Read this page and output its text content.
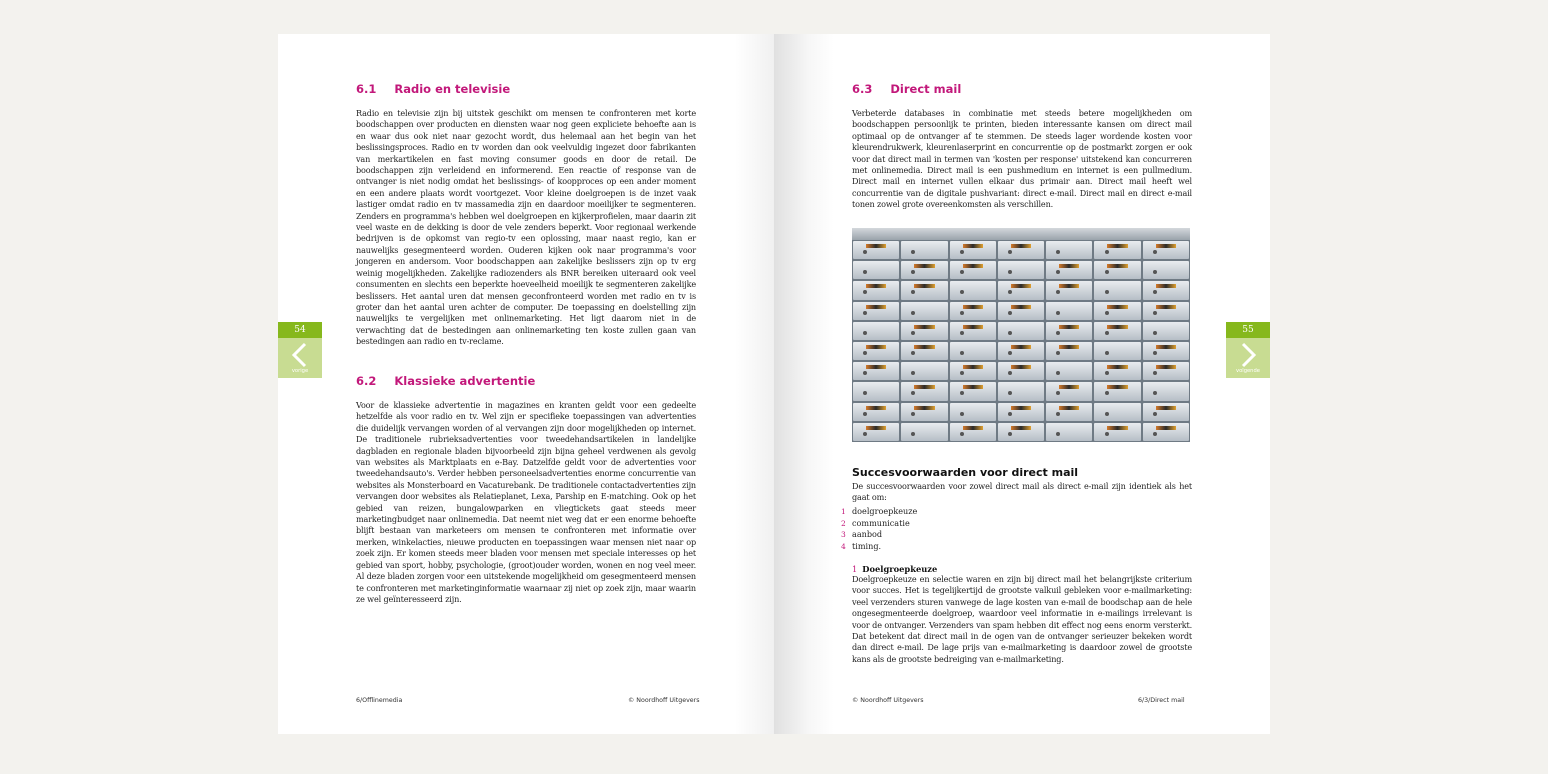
6.1 Radio en televisie

Radio en televisie zijn bij uitstek geschikt om mensen te confronteren met korte boodschappen over producten en diensten waar nog geen expliciete behoefte aan is en waar dus ook niet naar gezocht wordt, dus helemaal aan het begin van het beslissingsproces. Radio en tv worden dan ook veelvuldig ingezet door fabrikanten van merkartikelen en fast moving consumer goods en door de retail. De boodschappen zijn verleidend en informerend. Een reactie of response van de ontvanger is niet nodig omdat het beslissings- of koopproces op een ander moment en een andere plaats wordt voortgezet. Voor kleine doelgroepen is de inzet vaak lastiger omdat radio en tv massamedia zijn en daardoor moeilijker te segmenteren. Zenders en programma's hebben wel doelgroepen en kijkerprofielen, maar daarin zit veel waste en de dekking is door de vele zenders beperkt. Voor regionaal werkende bedrijven is de opkomst van regio-tv een oplossing, maar naast regio, kan er nauwelijks gesegmenteerd worden. Ouderen kijken ook naar programma's voor jongeren en andersom. Voor boodschappen aan zakelijke beslissers zijn op tv erg weinig mogelijkheden. Zakelijke radiozenders als BNR bereiken uiteraard ook veel consumenten en slechts een beperkte hoeveelheid moeilijk te segmenteren zakelijke beslissers. Het aantal uren dat mensen geconfronteerd worden met radio en tv is groter dan het aantal uren achter de computer. De toepassing en doelstelling zijn nauwelijks te vergelijken met onlinemarketing. Het ligt daarom niet in de verwachting dat de bestedingen aan onlinemarketing ten koste zullen gaan van bestedingen aan radio en tv-reclame.

6.2 Klassieke advertentie

Voor de klassieke advertentie in magazines en kranten geldt voor een gedeelte hetzelfde als voor radio en tv. Wel zijn er specifieke toepassingen van advertenties die duidelijk vervangen worden of al vervangen zijn door mogelijkheden op internet. De traditionele rubrieksadvertenties voor tweedehandsartikelen in landelijke dagbladen en regionale bladen bijvoorbeeld zijn bijna geheel verdwenen als gevolg van websites als Marktplaats en e-Bay. Datzelfde geldt voor de advertenties voor tweedehandsauto's. Verder hebben personeelsadvertenties enorme concurrentie van websites als Monsterboard en Vacaturebank. De traditionele contactadvertenties zijn vervangen door websites als Relatieplanet, Lexa, Parship en E-matching. Ook op het gebied van reizen, bungalowparken en vliegtickets gaat steeds meer marketingbudget naar onlinemedia. Dat neemt niet weg dat er een enorme behoefte blijft bestaan van marketeers om mensen te confronteren met informatie over merken, winkelacties, nieuwe producten en toepassingen waar mensen niet naar op zoek zijn. Er komen steeds meer bladen voor mensen met speciale interesses op het gebied van sport, hobby, psychologie, (groot)ouder worden, wonen en nog veel meer. Al deze bladen zorgen voor een uitstekende mogelijkheid om gesegmenteerd mensen te confronteren met marketinginformatie waarnaar zij niet op zoek zijn, maar waarin ze wel geïnteresseerd zijn.

6/Offlinemedia	© Noordhoff Uitgevers
6.3 Direct mail

Verbeterde databases in combinatie met steeds betere mogelijkheden om boodschappen persoonlijk te printen, bieden interessante kansen om direct mail optimaal op de ontvanger af te stemmen. De steeds lager wordende kosten voor kleurendrukwerk, kleurenlaserprint en concurrentie op de postmarkt zorgen er ook voor dat direct mail in termen van 'kosten per response' uitstekend kan concurreren met onlinemedia. Direct mail is een pushmedium en internet is een pullmedium. Direct mail en internet vullen elkaar dus primair aan. Direct mail heeft wel concurrentie van de digitale pushvariant: direct e-mail. Direct mail en direct e-mail tonen zowel grote overeenkomsten als verschillen.

Succesvoorwaarden voor direct mail

De succesvoorwaarden voor zowel direct mail als direct e-mail zijn identiek als het gaat om:

1 doelgroepkeuze
2 communicatie
3 aanbod
4 timing.

1 Doelgroepkeuze

Doelgroepkeuze en selectie waren en zijn bij direct mail het belangrijkste criterium voor succes. Het is tegelijkertijd de grootste valkuil gebleken voor e-mailmarketing: veel verzenders sturen vanwege de lage kosten van e-mail de boodschap aan de hele ongesegmenteerde doelgroep, waardoor veel informatie in e-mailings irrelevant is voor de ontvanger. Verzenders van spam hebben dit effect nog eens enorm versterkt. Dat betekent dat direct mail in de ogen van de ontvanger serieuzer bekeken wordt dan direct e-mail. De lage prijs van e-mailmarketing is daardoor zowel de grootste kans als de grootste bedreiging van e-mailmarketing.

© Noordhoff Uitgevers	6/3/Direct mail
54
vorige
55
volgende
